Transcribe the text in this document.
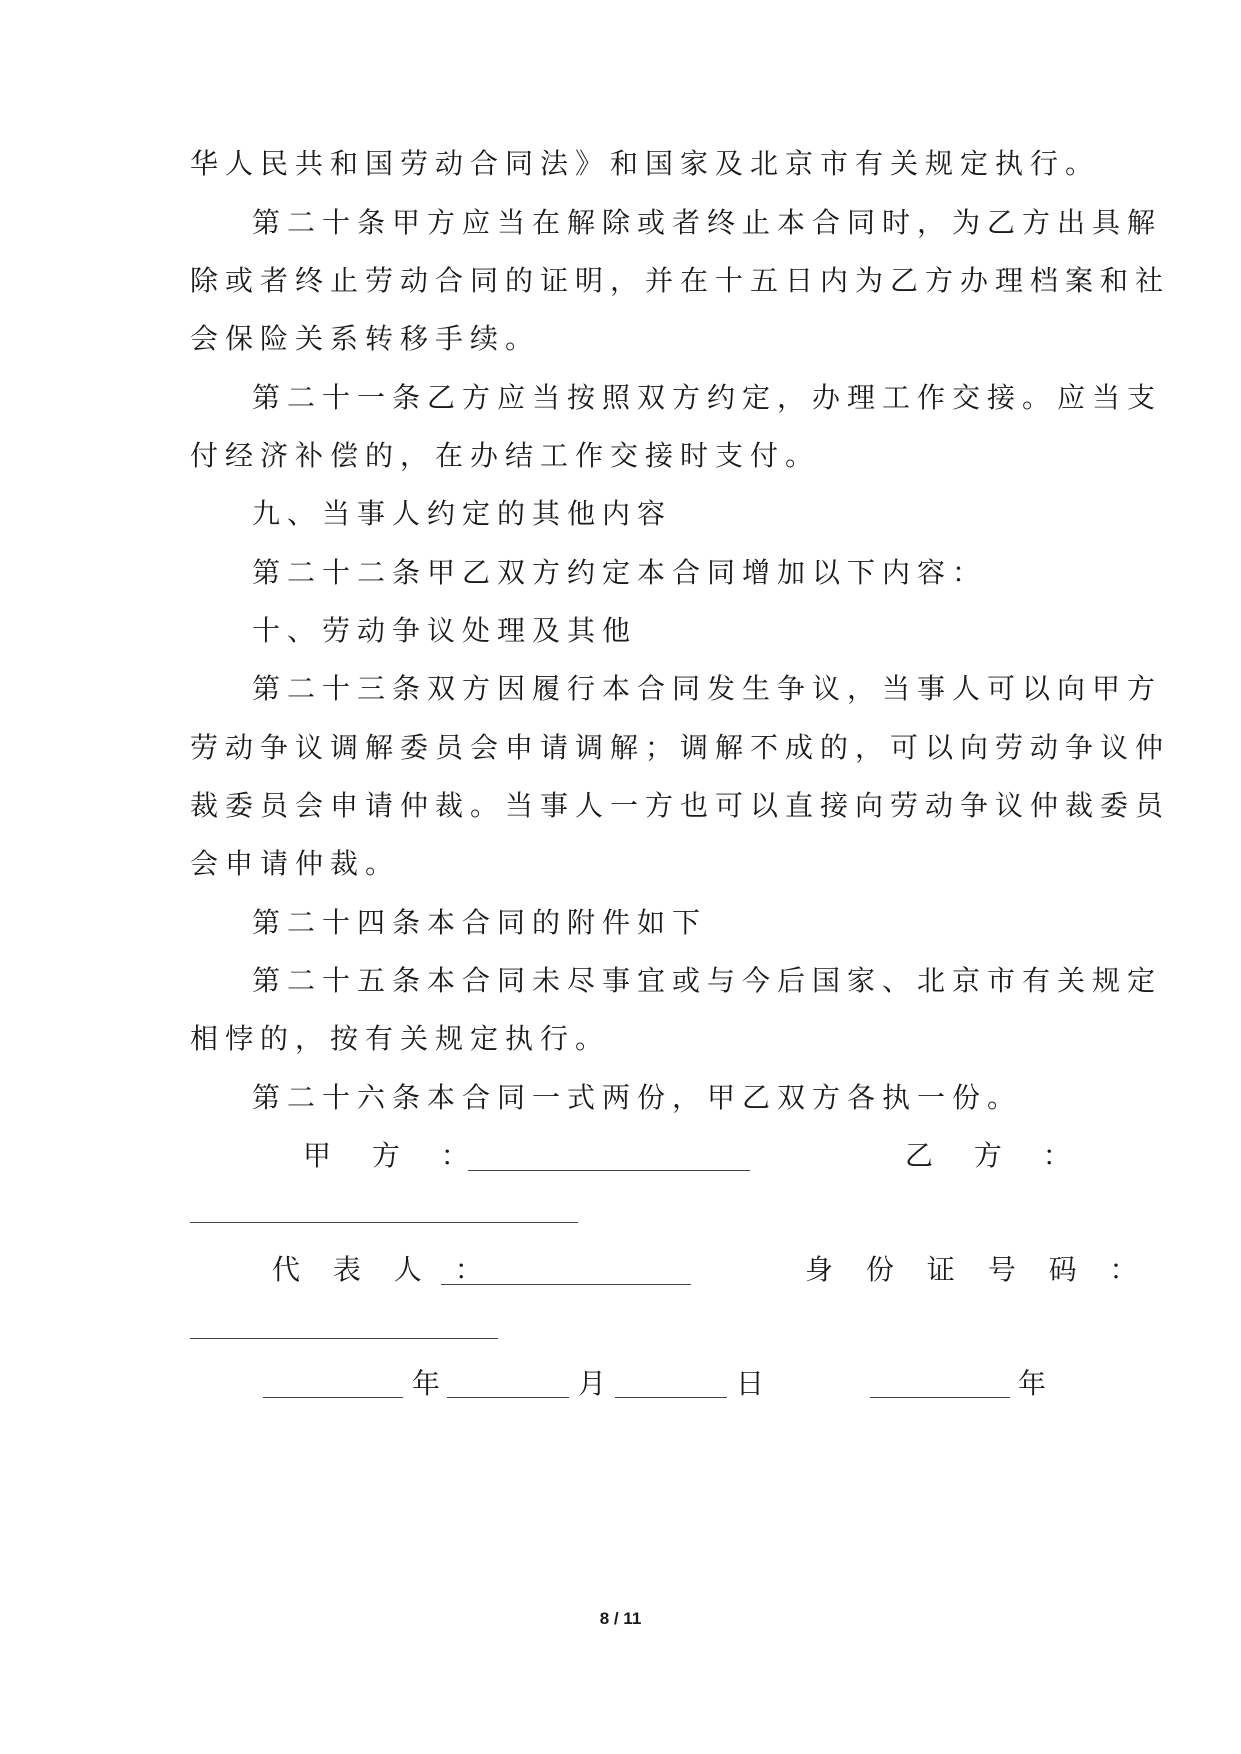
华人民共和国劳动合同法》和国家及北京市有关规定执行。
第二十条甲方应当在解除或者终止本合同时，为乙方出具解
除或者终止劳动合同的证明，并在十五日内为乙方办理档案和社
会保险关系转移手续。
第二十一条乙方应当按照双方约定，办理工作交接。应当支
付经济补偿的，在办结工作交接时支付。
九、当事人约定的其他内容
第二十二条甲乙双方约定本合同增加以下内容：
十、劳动争议处理及其他
第二十三条双方因履行本合同发生争议，当事人可以向甲方
劳动争议调解委员会申请调解；调解不成的，可以向劳动争议仲
裁委员会申请仲裁。当事人一方也可以直接向劳动争议仲裁委员
会申请仲裁。
第二十四条本合同的附件如下
第二十五条本合同未尽事宜或与今后国家、北京市有关规定
相悖的，按有关规定执行。
第二十六条本合同一式两份，甲乙双方各执一份。
甲 方 ：	乙 方 ：
代 表 人 ：	身 份 证 号 码 ：
年	月	日	年
8 / 11
